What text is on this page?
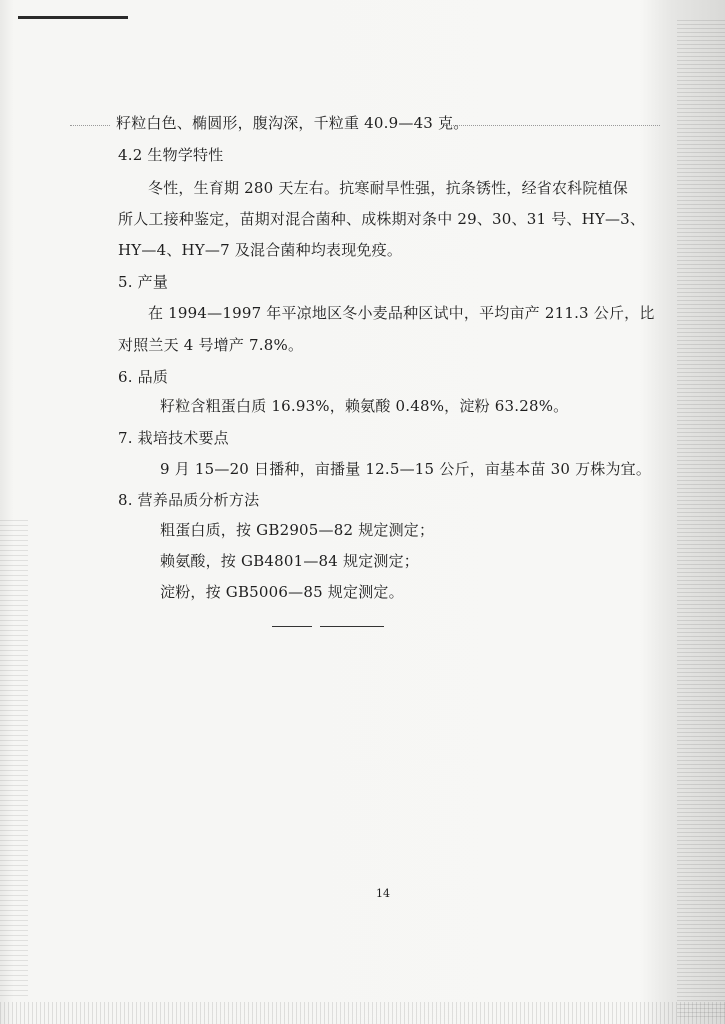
籽粒白色、椭圆形，腹沟深，千粒重 40.9—43 克。
4.2 生物学特性
冬性，生育期 280 天左右。抗寒耐旱性强，抗条锈性，经省农科院植保
所人工接种鉴定，苗期对混合菌种、成株期对条中 29、30、31 号、HY—3、
HY—4、HY—7 及混合菌种均表现免疫。
5. 产量
在 1994—1997 年平凉地区冬小麦品种区试中，平均亩产 211.3 公斤，比
对照兰天 4 号增产 7.8%。
6. 品质
籽粒含粗蛋白质 16.93%，赖氨酸 0.48%，淀粉 63.28%。
7. 栽培技术要点
9 月 15—20 日播种，亩播量 12.5—15 公斤，亩基本苗 30 万株为宜。
8. 营养品质分析方法
粗蛋白质，按 GB2905—82 规定测定；
赖氨酸，按 GB4801—84 规定测定；
淀粉，按 GB5006—85 规定测定。
14
